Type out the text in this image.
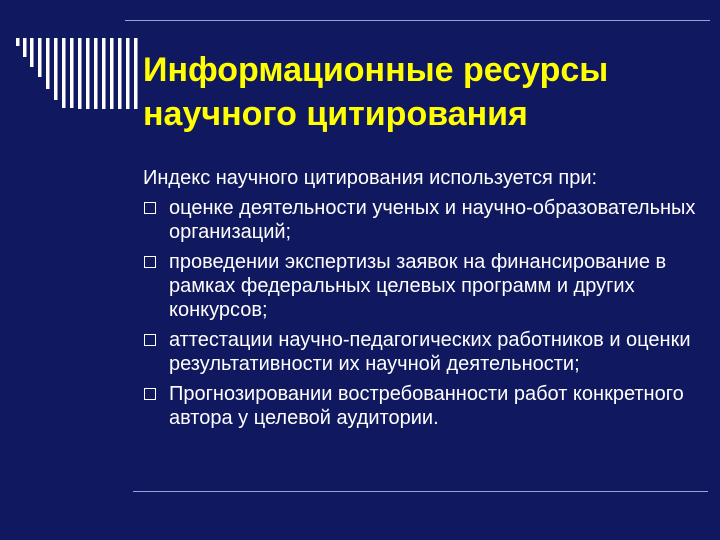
Информационные ресурсы
научного цитирования

Индекс научного цитирования используется при:

оценке деятельности ученых и научно-образовательных организаций;
проведении экспертизы заявок на финансирование в рамках федеральных целевых программ и других конкурсов;
аттестации научно-педагогических работников и оценки результативности их научной деятельности;
Прогнозировании востребованности работ конкретного автора у целевой аудитории.
